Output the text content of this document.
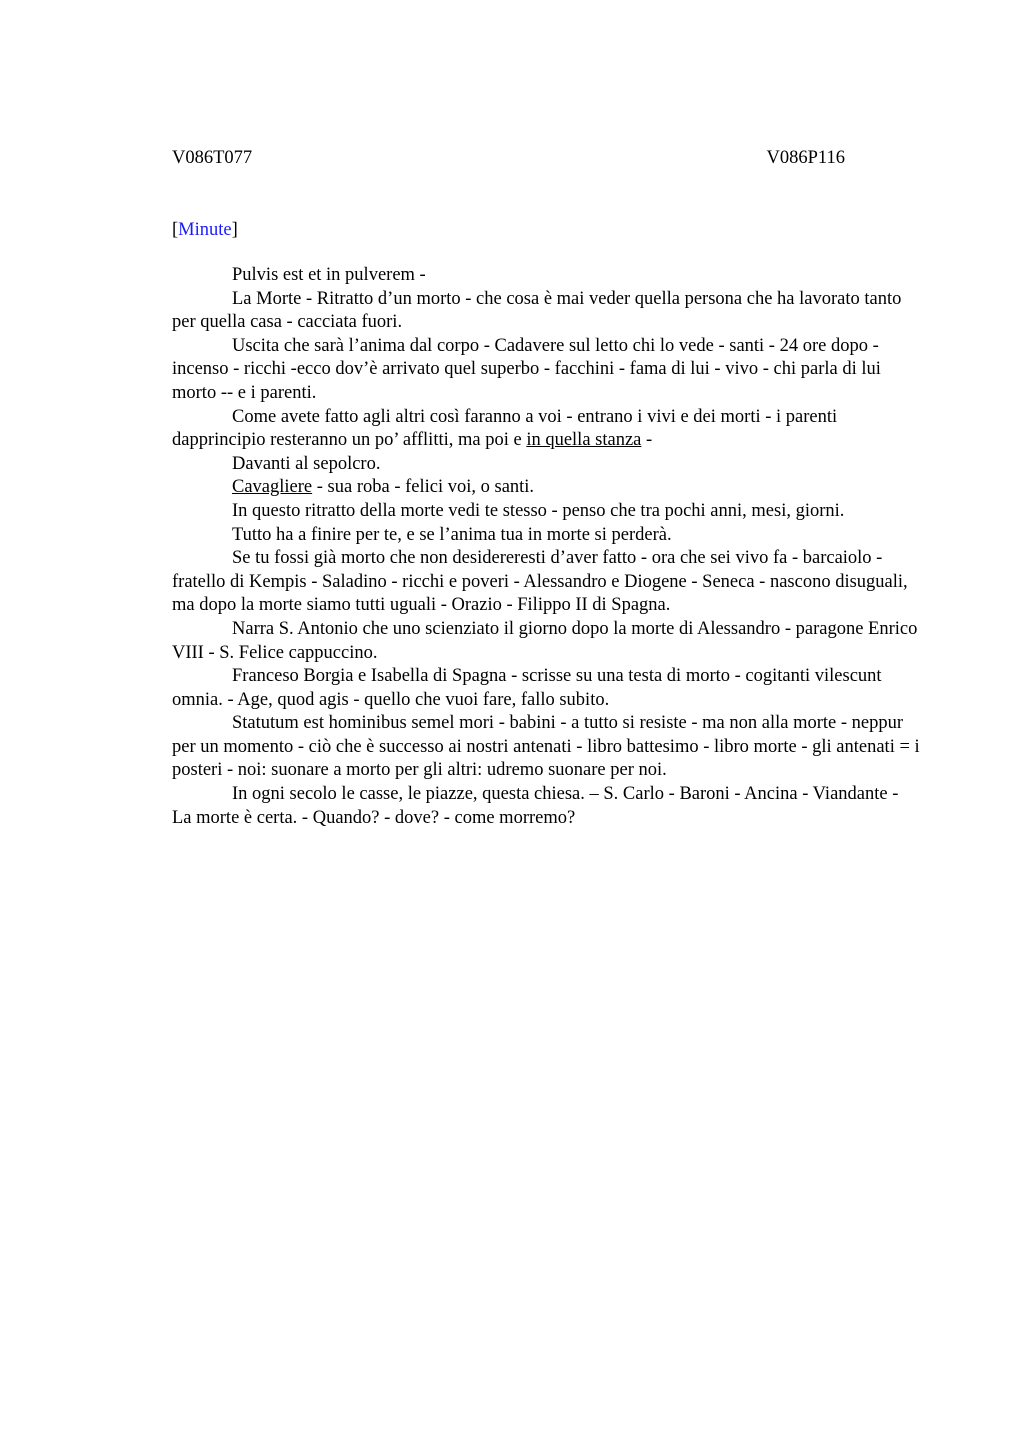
V086T077	V086P116
[Minute]

Pulvis est et in pulverem -

La Morte - Ritratto d’un morto - che cosa è mai veder quella persona che ha lavorato tanto per quella casa - cacciata fuori.

Uscita che sarà l’anima dal corpo - Cadavere sul letto chi lo vede - santi - 24 ore dopo - incenso - ricchi -ecco dov’è arrivato quel superbo - facchini - fama di lui - vivo - chi parla di lui morto -- e i parenti.

Come avete fatto agli altri così faranno a voi - entrano i vivi e dei morti - i parenti dapprincipio resteranno un po’ afflitti, ma poi e in quella stanza -

Davanti al sepolcro.

Cavagliere - sua roba - felici voi, o santi.

In questo ritratto della morte vedi te stesso - penso che tra pochi anni, mesi, giorni.

Tutto ha a finire per te, e se l’anima tua in morte si perderà.

Se tu fossi già morto che non desidereresti d’aver fatto - ora che sei vivo fa - barcaiolo - fratello di Kempis - Saladino - ricchi e poveri - Alessandro e Diogene - Seneca - nascono disuguali, ma dopo la morte siamo tutti uguali - Orazio - Filippo II di Spagna.

Narra S. Antonio che uno scienziato il giorno dopo la morte di Alessandro - paragone Enrico VIII - S. Felice cappuccino.

Franceso Borgia e Isabella di Spagna - scrisse su una testa di morto - cogitanti vilescunt omnia. - Age, quod agis - quello che vuoi fare, fallo subito.

Statutum est hominibus semel mori - babini - a tutto si resiste - ma non alla morte - neppur per un momento - ciò che è successo ai nostri antenati - libro battesimo - libro morte - gli antenati = i posteri - noi: suonare a morto per gli altri: udremo suonare per noi.

In ogni secolo le casse, le piazze, questa chiesa. – S. Carlo - Baroni - Ancina - Viandante - La morte è certa. - Quando? - dove? - come morremo?
